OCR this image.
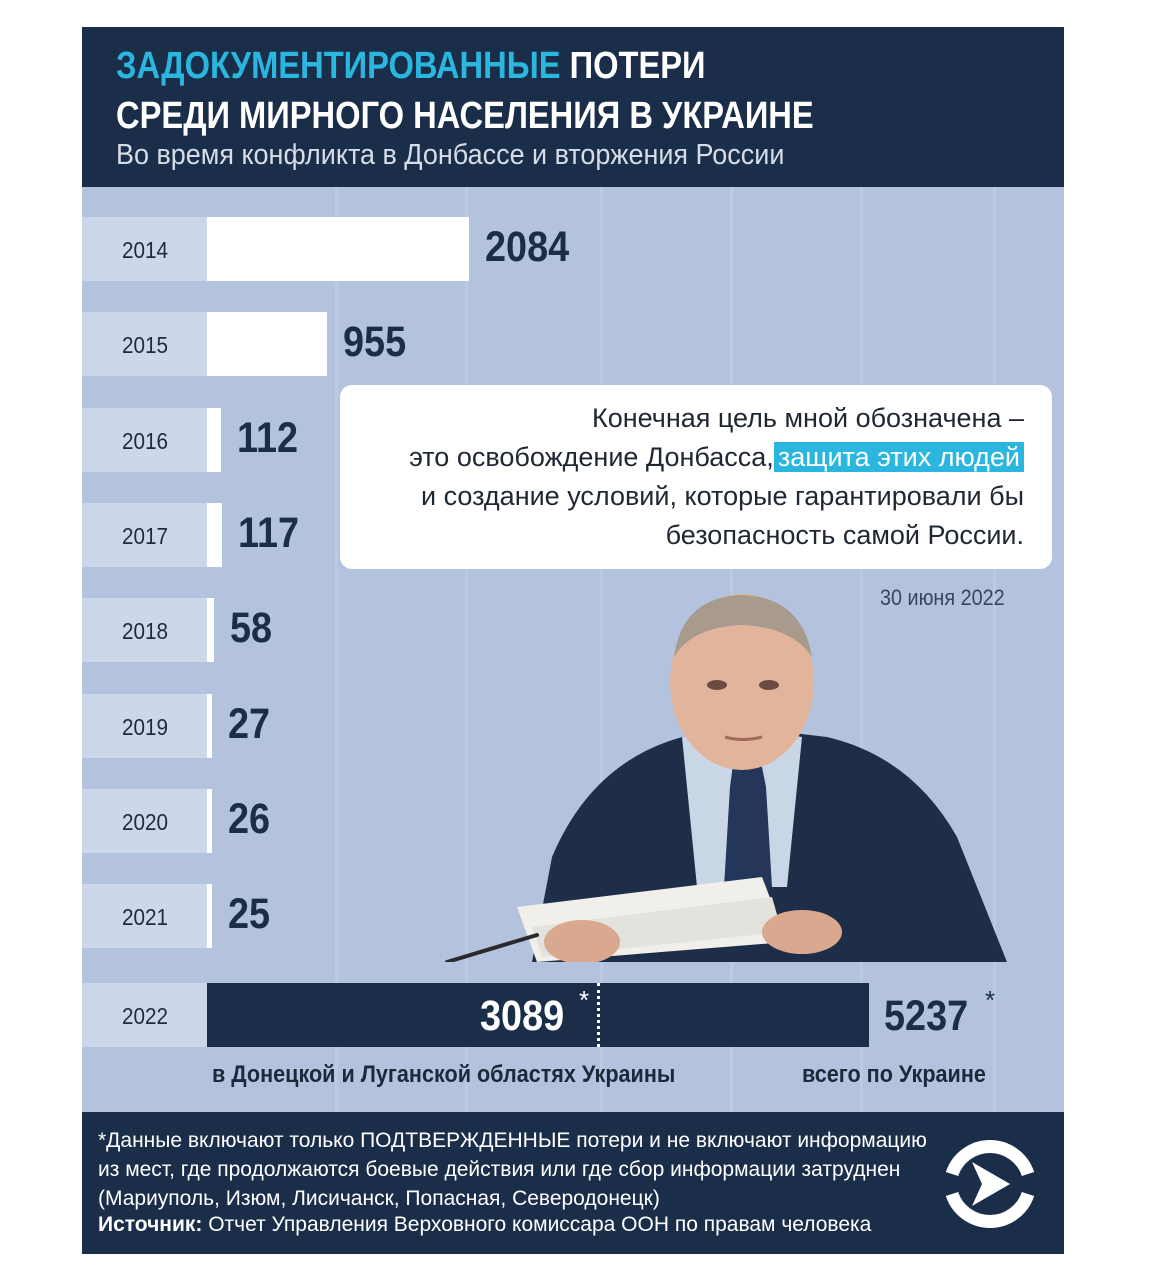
ЗАДОКУМЕНТИРОВАННЫЕ ПОТЕРИ
СРЕДИ МИРНОГО НАСЕЛЕНИЯ В УКРАИНЕ

Во время конфликта в Донбассе и вторжения России

2014	2084
2015	955
2016 112
2017 117
2018 58
2019 27
2020 26
2021 25
2022	3089 *	5237 *
в Донецкой и Луганской областях Украины	всего по Украине
Конечная цель мной обозначена –
это освобождение Донбасса, защита этих людей
и создание условий, которые гарантировали бы
безопасность самой России.
30 июня 2022

*Данные включают только ПОДТВЕРЖДЕННЫЕ потери и не включают информацию

из мест, где продолжаются боевые действия или где сбор информации затруднен

(Мариуполь, Изюм, Лисичанск, Попасная, Северодонецк)

Источник: Отчет Управления Верховного комиссара ООН по правам человека
